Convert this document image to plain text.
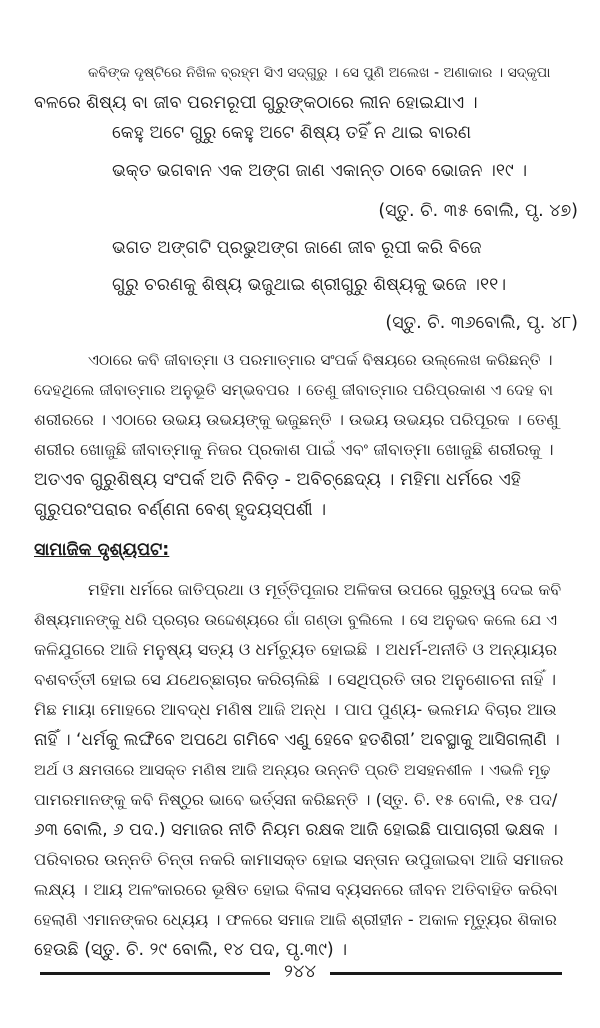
କବିଙ୍କ ଦୃଷ୍ଟିରେ ନିଖିଳ ବ୍ରହ୍ମ ସିଏ ସଦ୍‌ଗୁରୁ । ସେ ପୁଣି ଅଲେଖ - ଅଣାକାର । ସଦ୍‌କୃପା
ବଳରେ ଶିଷ୍ୟ ବା ଜୀବ ପରମରୂପୀ ଗୁରୁଙ୍କଠାରେ ଲୀନ ହୋଇଯାଏ ।
କେହୁ ଅଟେ ଗୁରୁ କେହୁ ଅଟେ ଶିଷ୍ୟ ତହିଁ ନ ଥାଇ ବାରଣ
ଭକ୍ତ ଭଗବାନ ଏକ ଅଙ୍ଗ ଜାଣ ଏକାନ୍ତ ଠାବେ ଭୋଜନ ।୧୯ ।
(ସ୍ତୁ. ଚି. ୩୫ ବୋଲି, ପୃ. ୪୭)
ଭଗତ ଅଙ୍ଗଟି ପ୍ରଭୁଅଙ୍ଗ ଜାଣେ ଜୀବ ରୂପୀ କରି ବିଜେ
ଗୁରୁ ଚରଣକୁ ଶିଷ୍ୟ ଭଜୁଥାଇ ଶ୍ରୀଗୁରୁ ଶିଷ୍ୟକୁ ଭଜେ ।୧୧।
(ସ୍ତୁ. ଚି. ୩୬ବୋଲି, ପୃ. ୪୮)
ଏଠାରେ କବି ଜୀବାତ୍ମା ଓ ପରମାତ୍ମାର ସଂପର୍କ ବିଷୟରେ ଉଲ୍ଲେଖ କରିଛନ୍ତି ।
ଦେହଥିଲେ ଜୀବାତ୍ମାର ଅନୁଭୂତି ସମ୍ଭବପର । ତେଣୁ ଜୀବାତ୍ମାର ପରିପ୍ରକାଶ ଏ ଦେହ ବା
ଶରୀରରେ । ଏଠାରେ ଉଭୟ ଉଭୟଙ୍କୁ ଭଜୁଛନ୍ତି । ଉଭୟ ଉଭୟର ପରିପୂରକ । ତେଣୁ
ଶରୀର ଖୋଜୁଛି ଜୀବାତ୍ମାକୁ ନିଜର ପ୍ରକାଶ ପାଇଁ ଏବଂ ଜୀବାତ୍ମା ଖୋଜୁଛି ଶରୀରକୁ ।
ଅତଏବ ଗୁରୁଶିଷ୍ୟ ସଂପର୍କ ଅତି ନିବିଡ଼ - ଅବିଚ୍ଛେଦ୍ୟ । ମହିମା ଧର୍ମରେ ଏହି
ଗୁରୁପରଂପରାର ବର୍ଣ୍ଣନା ବେଶ୍ ହୃଦୟସ୍ପର୍ଶୀ ।
ସାମାଜିକ ଦୃଶ୍ୟପଟ:
ମହିମା ଧର୍ମରେ ଜାତିପ୍ରଥା ଓ ମୂର୍ତ୍ତିପୂଜାର ଅଳିକତା ଉପରେ ଗୁରୁତ୍ୱ ଦେଇ କବି
ଶିଷ୍ୟମାନଙ୍କୁ ଧରି ପ୍ରଚାର ଉଦ୍ଦେଶ୍ୟରେ ଗାଁ ଗଣ୍ଡା ବୁଲିଲେ । ସେ ଅନୁଭବ କଲେ ଯେ ଏ
କଳିଯୁଗରେ ଆଜି ମନୁଷ୍ୟ ସତ୍ୟ ଓ ଧର୍ମଚ୍ୟୁତ ହୋଇଛି । ଅଧର୍ମ-ଅନୀତି ଓ ଅନ୍ୟାୟର
ବଶବର୍ତ୍ତୀ ହୋଇ ସେ ଯଥେଚ୍ଛାଚାର କରିଚାଲିଛି । ସେଥିପ୍ରତି ତାର ଅନୁଶୋଚନା ନାହିଁ ।
ମିଛ ମାୟା ମୋହରେ ଆବଦ୍ଧ ମଣିଷ ଆଜି ଅନ୍ଧ । ପାପ ପୁଣ୍ୟ- ଭଲମନ୍ଦ ବିଚାର ଆଉ
ନାହିଁ । ‘ଧର୍ମକୁ ଲଙ୍ଘିବେ ଅପଥେ ଗମିବେ ଏଣୁ ହେବେ ହତଶିରୀ’ ଅବସ୍ଥାକୁ ଆସିଗଲାଣି ।
ଅର୍ଥ ଓ କ୍ଷମତାରେ ଆସକ୍ତ ମଣିଷ ଆଜି ଅନ୍ୟର ଉନ୍ନତି ପ୍ରତି ଅସହନଶୀଳ । ଏଭଳି ମୂଢ଼
ପାମରମାନଙ୍କୁ କବି ନିଷ୍ଠୁର ଭାବେ ଭର୍ତ୍ସନା କରିଛନ୍ତି । (ସ୍ତୁ. ଚି. ୧୫ ବୋଲି, ୧୫ ପଦ/
୬୩ ବୋଲି, ୬ ପଦ.) ସମାଜର ନୀତି ନିୟମ ରକ୍ଷକ ଆଜି ହୋଇଛି ପାପାଚାରୀ ଭକ୍ଷକ ।
ପରିବାରର ଉନ୍ନତି ଚିନ୍ତା ନକରି କାମାସକ୍ତ ହୋଇ ସନ୍ତାନ ଉପୁଜାଇବା ଆଜି ସମାଜର
ଲକ୍ଷ୍ୟ । ଆୟ ଅଳଂକାରରେ ଭୂଷିତ ହୋଇ ବିଳାସ ବ୍ୟସନରେ ଜୀବନ ଅତିବାହିତ କରିବା
ହେଲାଣି ଏମାନଙ୍କର ଧ୍ୟେୟ । ଫଳରେ ସମାଜ ଆଜି ଶ୍ରୀହୀନ - ଅକାଳ ମୃତ୍ୟୁର ଶିକାର
ହେଉଛି (ସ୍ତୁ. ଚି. ୨୯ ବୋଲି, ୧୪ ପଦ, ପୃ.୩୯) ।
୨୪୪
